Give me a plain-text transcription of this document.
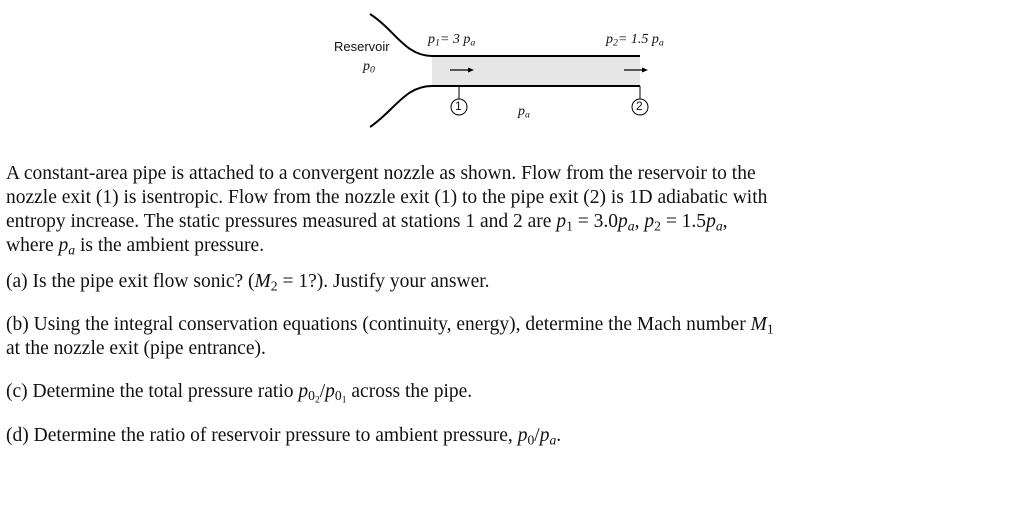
1	2
Reservoir
$p_0$
$p_1= 3$ $p_a$	$p_2= 1.5$ $p_a$
$p_a$
A constant-area pipe is attached to a convergent nozzle as shown. Flow from the reservoir to the
nozzle exit (1) is isentropic. Flow from the nozzle exit (1) to the pipe exit (2) is 1D adiabatic with
entropy increase. The static pressures measured at stations 1 and 2 are $p_1 = 3.0p_a$, $p_2 = 1.5p_a$,
where $p_a$ is the ambient pressure.
(a) Is the pipe exit flow sonic? ($M_2$ = 1?). Justify your answer.
(b) Using the integral conservation equations (continuity, energy), determine the Mach number $M_1$
at the nozzle exit (pipe entrance).
(c) Determine the total pressure ratio $p_{0_2}/p_{0_1}$ across the pipe.
(d) Determine the ratio of reservoir pressure to ambient pressure, $p_0/p_a$.
